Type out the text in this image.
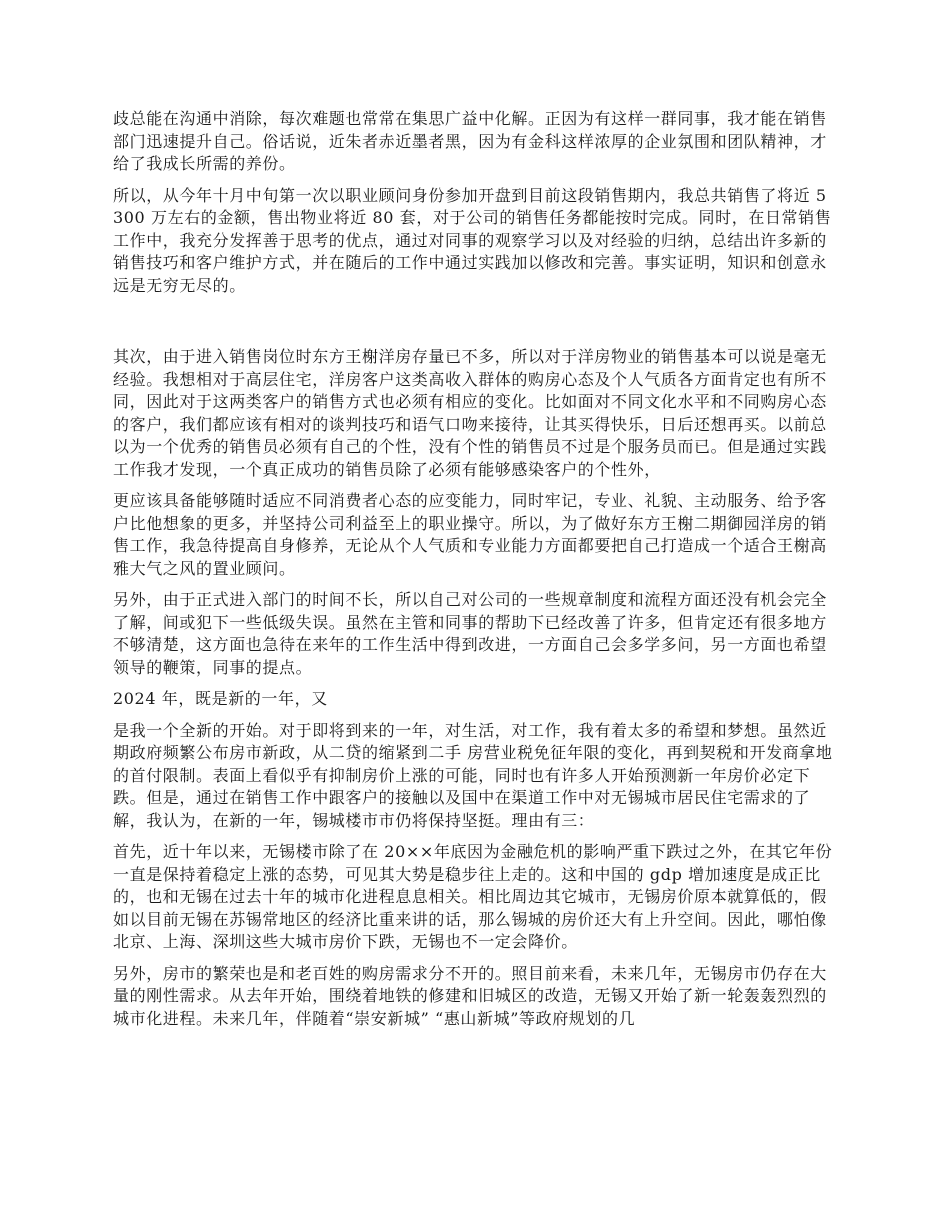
歧总能在沟通中消除，每次难题也常常在集思广益中化解。正因为有这样一群同事，我才能在销售部门迅速提升自己。俗话说，近朱者赤近墨者黑，因为有金科这样浓厚的企业氛围和团队精神，才给了我成长所需的养份。

所以，从今年十月中旬第一次以职业顾问身份参加开盘到目前这段销售期内，我总共销售了将近 5300 万左右的金额，售出物业将近 80 套，对于公司的销售任务都能按时完成。同时，在日常销售工作中，我充分发挥善于思考的优点，通过对同事的观察学习以及对经验的归纳，总结出许多新的销售技巧和客户维护方式，并在随后的工作中通过实践加以修改和完善。事实证明，知识和创意永远是无穷无尽的。

其次，由于进入销售岗位时东方王榭洋房存量已不多，所以对于洋房物业的销售基本可以说是毫无经验。我想相对于高层住宅，洋房客户这类高收入群体的购房心态及个人气质各方面肯定也有所不同，因此对于这两类客户的销售方式也必须有相应的变化。比如面对不同文化水平和不同购房心态的客户，我们都应该有相对的谈判技巧和语气口吻来接待，让其买得快乐，日后还想再买。以前总以为一个优秀的销售员必须有自己的个性，没有个性的销售员不过是个服务员而已。但是通过实践工作我才发现，一个真正成功的销售员除了必须有能够感染客户的个性外，

更应该具备能够随时适应不同消费者心态的应变能力，同时牢记，专业、礼貌、主动服务、给予客户比他想象的更多，并坚持公司利益至上的职业操守。所以，为了做好东方王榭二期御园洋房的销售工作，我急待提高自身修养，无论从个人气质和专业能力方面都要把自己打造成一个适合王榭高雅大气之风的置业顾问。

另外，由于正式进入部门的时间不长，所以自己对公司的一些规章制度和流程方面还没有机会完全了解，间或犯下一些低级失误。虽然在主管和同事的帮助下已经改善了许多，但肯定还有很多地方不够清楚，这方面也急待在来年的工作生活中得到改进，一方面自己会多学多问，另一方面也希望领导的鞭策，同事的提点。

2024 年，既是新的一年，又

是我一个全新的开始。对于即将到来的一年，对生活，对工作，我有着太多的希望和梦想。虽然近期政府频繁公布房市新政，从二贷的缩紧到二手 房营业税免征年限的变化，再到契税和开发商拿地的首付限制。表面上看似乎有抑制房价上涨的可能，同时也有许多人开始预测新一年房价必定下跌。但是，通过在销售工作中跟客户的接触以及国中在渠道工作中对无锡城市居民住宅需求的了解，我认为，在新的一年，锡城楼市市仍将保持坚挺。理由有三：

首先，近十年以来，无锡楼市除了在 20××年底因为金融危机的影响严重下跌过之外，在其它年份一直是保持着稳定上涨的态势，可见其大势是稳步往上走的。这和中国的 gdp 增加速度是成正比的，也和无锡在过去十年的城市化进程息息相关。相比周边其它城市，无锡房价原本就算低的，假如以目前无锡在苏锡常地区的经济比重来讲的话，那么锡城的房价还大有上升空间。因此，哪怕像北京、上海、深圳这些大城市房价下跌，无锡也不一定会降价。

另外，房市的繁荣也是和老百姓的购房需求分不开的。照目前来看，未来几年，无锡房市仍存在大量的刚性需求。从去年开始，围绕着地铁的修建和旧城区的改造，无锡又开始了新一轮轰轰烈烈的城市化进程。未来几年，伴随着“崇安新城” “惠山新城”等政府规划的几
